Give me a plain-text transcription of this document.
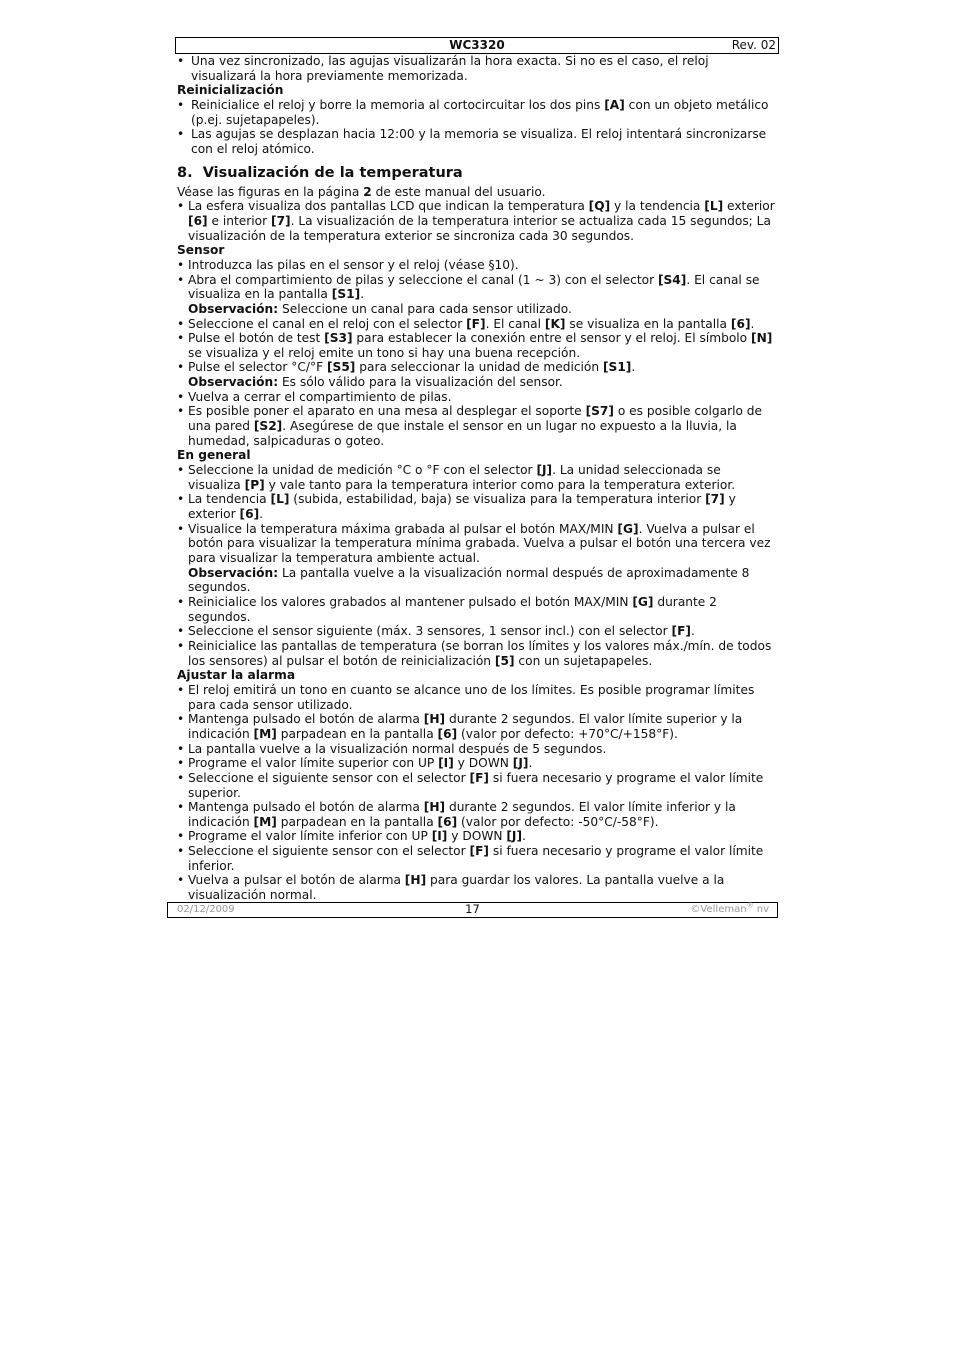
WC3320	Rev. 02

• Una vez sincronizado, las agujas visualizarán la hora exacta. Si no es el caso, el reloj visualizará la hora previamente memorizada.

Reinicialización

• Reinicialice el reloj y borre la memoria al cortocircuitar los dos pins [A] con un objeto metálico (p.ej. sujetapapeles).

• Las agujas se desplazan hacia 12:00 y la memoria se visualiza. El reloj intentará sincronizarse con el reloj atómico.

8.  Visualización de la temperatura

Véase las figuras en la página 2 de este manual del usuario.

• La esfera visualiza dos pantallas LCD que indican la temperatura [Q] y la tendencia [L] exterior [6] e interior [7]. La visualización de la temperatura interior se actualiza cada 15 segundos; La visualización de la temperatura exterior se sincroniza cada 30 segundos.

Sensor

• Introduzca las pilas en el sensor y el reloj (véase §10).

• Abra el compartimiento de pilas y seleccione el canal (1 ~ 3) con el selector [S4]. El canal se visualiza en la pantalla [S1].

Observación: Seleccione un canal para cada sensor utilizado.

• Seleccione el canal en el reloj con el selector [F]. El canal [K] se visualiza en la pantalla [6].

• Pulse el botón de test [S3] para establecer la conexión entre el sensor y el reloj. El símbolo [N] se visualiza y el reloj emite un tono si hay una buena recepción.

• Pulse el selector °C/°F [S5] para seleccionar la unidad de medición [S1].

Observación: Es sólo válido para la visualización del sensor.

• Vuelva a cerrar el compartimiento de pilas.

• Es posible poner el aparato en una mesa al desplegar el soporte [S7] o es posible colgarlo de una pared [S2]. Asegúrese de que instale el sensor en un lugar no expuesto a la lluvia, la humedad, salpicaduras o goteo.

En general

• Seleccione la unidad de medición °C o °F con el selector [J]. La unidad seleccionada se visualiza [P] y vale tanto para la temperatura interior como para la temperatura exterior.

• La tendencia [L] (subida, estabilidad, baja) se visualiza para la temperatura interior [7] y exterior [6].

• Visualice la temperatura máxima grabada al pulsar el botón MAX/MIN [G]. Vuelva a pulsar el botón para visualizar la temperatura mínima grabada. Vuelva a pulsar el botón una tercera vez para visualizar la temperatura ambiente actual.

Observación: La pantalla vuelve a la visualización normal después de aproximadamente 8 segundos.

• Reinicialice los valores grabados al mantener pulsado el botón MAX/MIN [G] durante 2 segundos.

• Seleccione el sensor siguiente (máx. 3 sensores, 1 sensor incl.) con el selector [F].

• Reinicialice las pantallas de temperatura (se borran los límites y los valores máx./mín. de todos los sensores) al pulsar el botón de reinicialización [5] con un sujetapapeles.

Ajustar la alarma

• El reloj emitirá un tono en cuanto se alcance uno de los límites. Es posible programar límites para cada sensor utilizado.

• Mantenga pulsado el botón de alarma [H] durante 2 segundos. El valor límite superior y la indicación [M] parpadean en la pantalla [6] (valor por defecto: +70°C/+158°F).

• La pantalla vuelve a la visualización normal después de 5 segundos.

• Programe el valor límite superior con UP [I] y DOWN [J].

• Seleccione el siguiente sensor con el selector [F] si fuera necesario y programe el valor límite superior.

• Mantenga pulsado el botón de alarma [H] durante 2 segundos. El valor límite inferior y la indicación [M] parpadean en la pantalla [6] (valor por defecto: -50°C/-58°F).

• Programe el valor límite inferior con UP [I] y DOWN [J].

• Seleccione el siguiente sensor con el selector [F] si fuera necesario y programe el valor límite inferior.

• Vuelva a pulsar el botón de alarma [H] para guardar los valores. La pantalla vuelve a la visualización normal.

02/12/2009	17	©Velleman® nv
